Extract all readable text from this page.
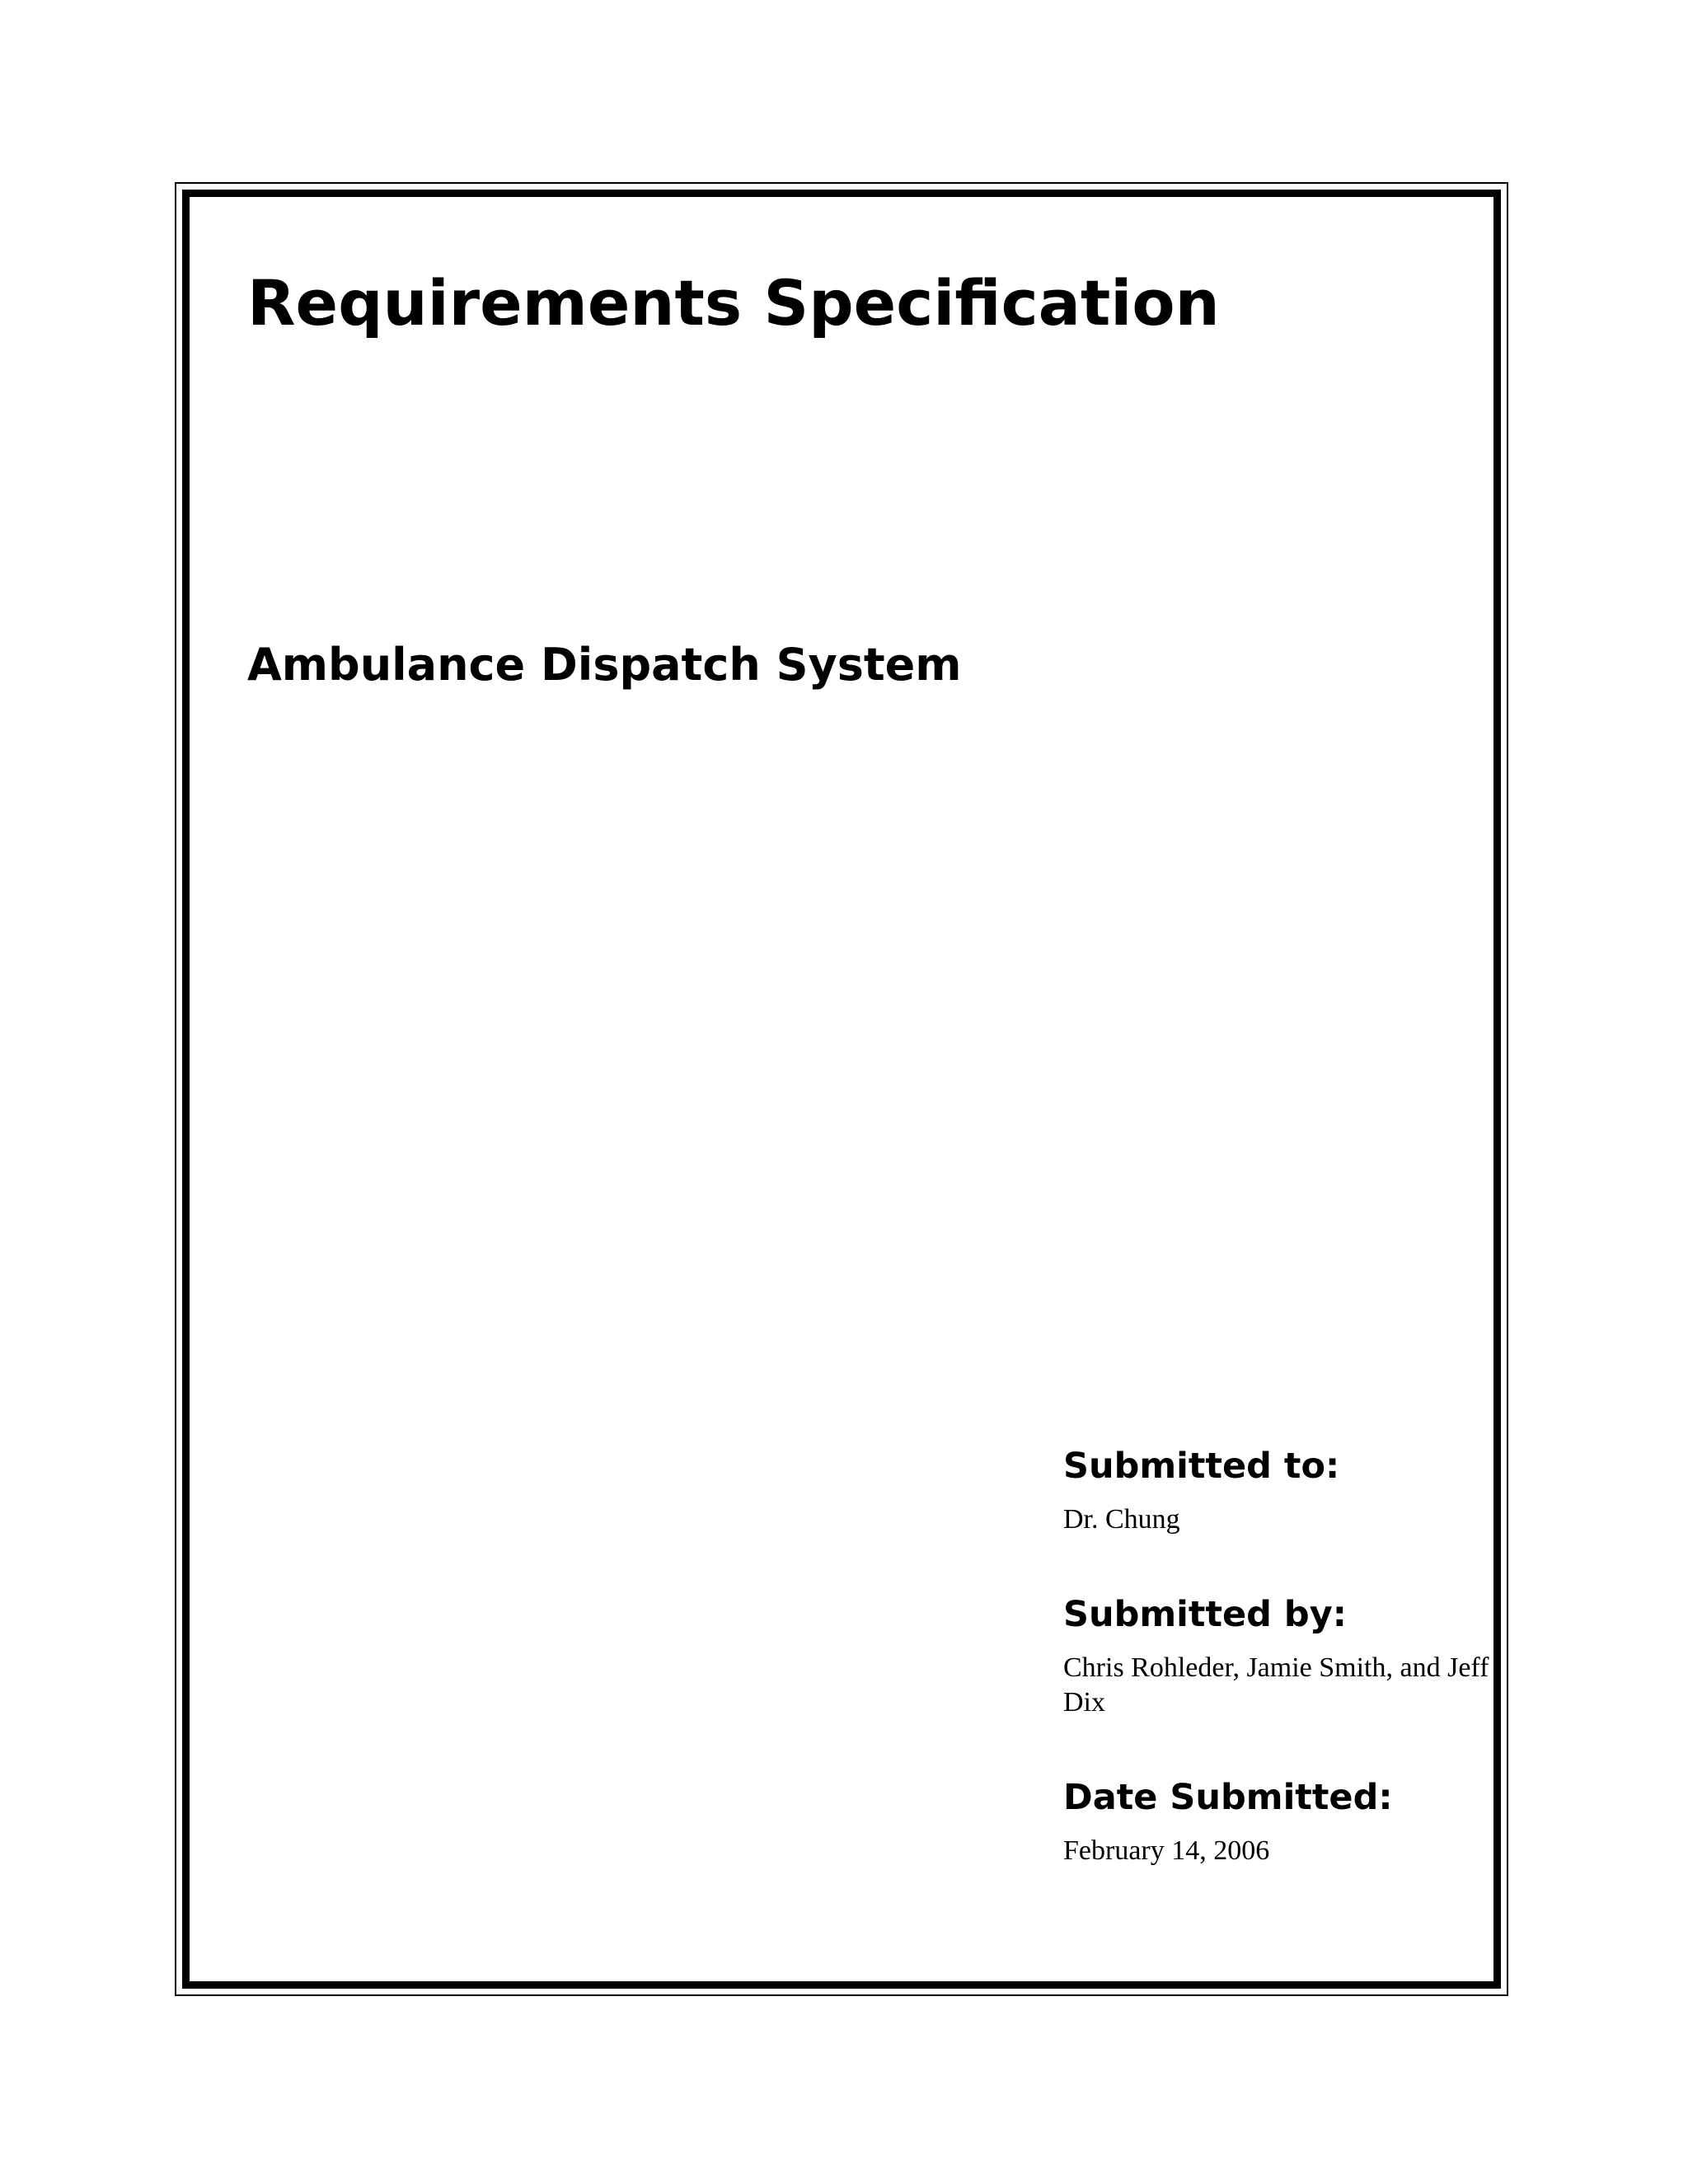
Requirements Specification
Ambulance Dispatch System
Submitted to:

Dr. Chung

Submitted by:

Chris Rohleder, Jamie Smith, and Jeff Dix

Date Submitted:

February 14, 2006
